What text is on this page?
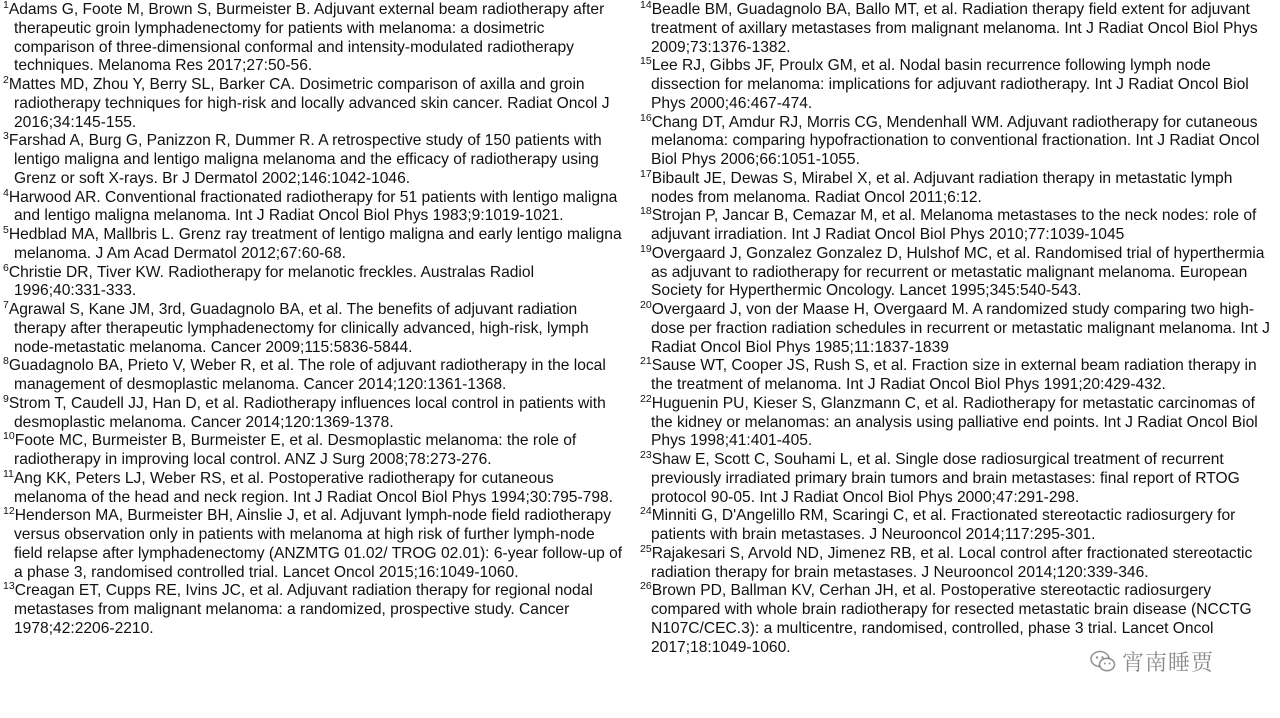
$^1$Adams G, Foote M, Brown S, Burmeister B. Adjuvant external beam radiotherapy after therapeutic groin lymphadenectomy for patients with melanoma: a dosimetric comparison of three-dimensional conformal and intensity-modulated radiotherapy techniques. Melanoma Res 2017;27:50-56.

$^2$Mattes MD, Zhou Y, Berry SL, Barker CA. Dosimetric comparison of axilla and groin radiotherapy techniques for high-risk and locally advanced skin cancer. Radiat Oncol J 2016;34:145-155.

$^3$Farshad A, Burg G, Panizzon R, Dummer R. A retrospective study of 150 patients with lentigo maligna and lentigo maligna melanoma and the efficacy of radiotherapy using Grenz or soft X-rays. Br J Dermatol 2002;146:1042-1046.

$^4$Harwood AR. Conventional fractionated radiotherapy for 51 patients with lentigo maligna and lentigo maligna melanoma. Int J Radiat Oncol Biol Phys 1983;9:1019-1021.

$^5$Hedblad MA, Mallbris L. Grenz ray treatment of lentigo maligna and early lentigo maligna melanoma. J Am Acad Dermatol 2012;67:60-68.

$^6$Christie DR, Tiver KW. Radiotherapy for melanotic freckles. Australas Radiol 1996;40:331-333.

$^7$Agrawal S, Kane JM, 3rd, Guadagnolo BA, et al. The benefits of adjuvant radiation therapy after therapeutic lymphadenectomy for clinically advanced, high-risk, lymph node-metastatic melanoma. Cancer 2009;115:5836-5844.

$^8$Guadagnolo BA, Prieto V, Weber R, et al. The role of adjuvant radiotherapy in the local management of desmoplastic melanoma. Cancer 2014;120:1361-1368.

$^9$Strom T, Caudell JJ, Han D, et al. Radiotherapy influences local control in patients with desmoplastic melanoma. Cancer 2014;120:1369-1378.

$^{10}$Foote MC, Burmeister B, Burmeister E, et al. Desmoplastic melanoma: the role of radiotherapy in improving local control. ANZ J Surg 2008;78:273-276.

$^{11}$Ang KK, Peters LJ, Weber RS, et al. Postoperative radiotherapy for cutaneous melanoma of the head and neck region. Int J Radiat Oncol Biol Phys 1994;30:795-798.

$^{12}$Henderson MA, Burmeister BH, Ainslie J, et al. Adjuvant lymph-node field radiotherapy versus observation only in patients with melanoma at high risk of further lymph-node field relapse after lymphadenectomy (ANZMTG 01.02/ TROG 02.01): 6-year follow-up of a phase 3, randomised controlled trial. Lancet Oncol 2015;16:1049-1060.

$^{13}$Creagan ET, Cupps RE, Ivins JC, et al. Adjuvant radiation therapy for regional nodal metastases from malignant melanoma: a randomized, prospective study. Cancer 1978;42:2206-2210.

$^{14}$Beadle BM, Guadagnolo BA, Ballo MT, et al. Radiation therapy field extent for adjuvant treatment of axillary metastases from malignant melanoma. Int J Radiat Oncol Biol Phys 2009;73:1376-1382.

$^{15}$Lee RJ, Gibbs JF, Proulx GM, et al. Nodal basin recurrence following lymph node dissection for melanoma: implications for adjuvant radiotherapy. Int J Radiat Oncol Biol Phys 2000;46:467-474.

$^{16}$Chang DT, Amdur RJ, Morris CG, Mendenhall WM. Adjuvant radiotherapy for cutaneous melanoma: comparing hypofractionation to conventional fractionation. Int J Radiat Oncol Biol Phys 2006;66:1051-1055.

$^{17}$Bibault JE, Dewas S, Mirabel X, et al. Adjuvant radiation therapy in metastatic lymph nodes from melanoma. Radiat Oncol 2011;6:12.

$^{18}$Strojan P, Jancar B, Cemazar M, et al. Melanoma metastases to the neck nodes: role of adjuvant irradiation. Int J Radiat Oncol Biol Phys 2010;77:1039-1045

$^{19}$Overgaard J, Gonzalez Gonzalez D, Hulshof MC, et al. Randomised trial of hyperthermia as adjuvant to radiotherapy for recurrent or metastatic malignant melanoma. European Society for Hyperthermic Oncology. Lancet 1995;345:540-543.

$^{20}$Overgaard J, von der Maase H, Overgaard M. A randomized study comparing two high-dose per fraction radiation schedules in recurrent or metastatic malignant melanoma. Int J Radiat Oncol Biol Phys 1985;11:1837-1839

$^{21}$Sause WT, Cooper JS, Rush S, et al. Fraction size in external beam radiation therapy in the treatment of melanoma. Int J Radiat Oncol Biol Phys 1991;20:429-432.

$^{22}$Huguenin PU, Kieser S, Glanzmann C, et al. Radiotherapy for metastatic carcinomas of the kidney or melanomas: an analysis using palliative end points. Int J Radiat Oncol Biol Phys 1998;41:401-405.

$^{23}$Shaw E, Scott C, Souhami L, et al. Single dose radiosurgical treatment of recurrent previously irradiated primary brain tumors and brain metastases: final report of RTOG protocol 90-05. Int J Radiat Oncol Biol Phys 2000;47:291-298.

$^{24}$Minniti G, D'Angelillo RM, Scaringi C, et al. Fractionated stereotactic radiosurgery for patients with brain metastases. J Neurooncol 2014;117:295-301.

$^{25}$Rajakesari S, Arvold ND, Jimenez RB, et al. Local control after fractionated stereotactic radiation therapy for brain metastases. J Neurooncol 2014;120:339-346.

$^{26}$Brown PD, Ballman KV, Cerhan JH, et al. Postoperative stereotactic radiosurgery compared with whole brain radiotherapy for resected metastatic brain disease (NCCTG N107C/CEC.3): a multicentre, randomised, controlled, phase 3 trial. Lancet Oncol 2017;18:1049-1060.

宵南睡贾
